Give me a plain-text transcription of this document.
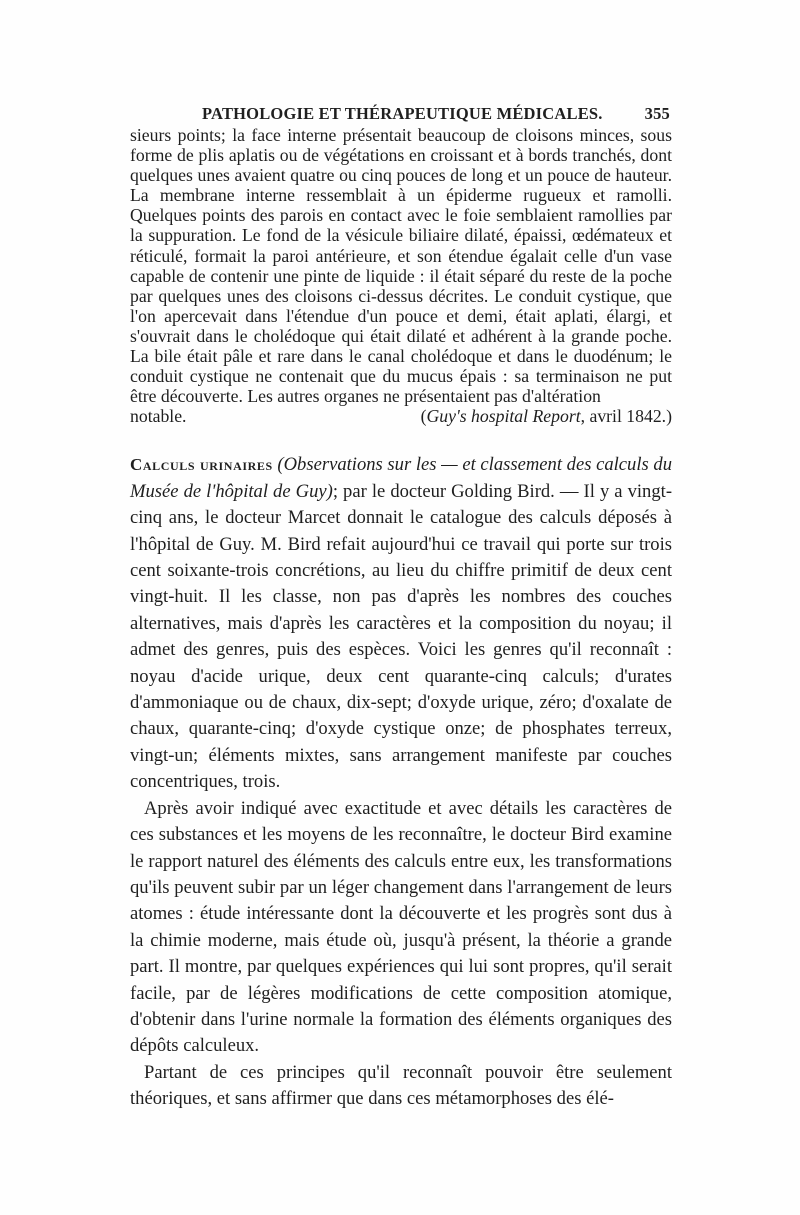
PATHOLOGIE ET THÉRAPEUTIQUE MÉDICALES.	355

sieurs points; la face interne présentait beaucoup de cloisons minces, sous forme de plis aplatis ou de végétations en croissant et à bords tranchés, dont quelques unes avaient quatre ou cinq pouces de long et un pouce de hauteur. La membrane interne ressemblait à un épiderme rugueux et ramolli. Quelques points des parois en contact avec le foie semblaient ramollies par la suppuration. Le fond de la vésicule biliaire dilaté, épaissi, œdémateux et réticulé, formait la paroi antérieure, et son étendue égalait celle d'un vase capable de contenir une pinte de liquide : il était séparé du reste de la poche par quelques unes des cloisons ci-dessus décrites. Le conduit cystique, que l'on apercevait dans l'étendue d'un pouce et demi, était aplati, élargi, et s'ouvrait dans le cholédoque qui était dilaté et adhérent à la grande poche. La bile était pâle et rare dans le canal cholédoque et dans le duodénum; le conduit cystique ne contenait que du mucus épais : sa terminaison ne put être découverte. Les autres organes ne présentaient pas d'altération

notable.	(Guy's hospital Report, avril 1842.)

Calculs urinaires (Observations sur les — et classement des calculs du Musée de l'hôpital de Guy); par le docteur Golding Bird. — Il y a vingt-cinq ans, le docteur Marcet donnait le catalogue des calculs déposés à l'hôpital de Guy. M. Bird refait aujourd'hui ce travail qui porte sur trois cent soixante-trois concrétions, au lieu du chiffre primitif de deux cent vingt-huit. Il les classe, non pas d'après les nombres des couches alternatives, mais d'après les caractères et la composition du noyau; il admet des genres, puis des espèces. Voici les genres qu'il reconnaît : noyau d'acide urique, deux cent quarante-cinq calculs; d'urates d'ammoniaque ou de chaux, dix-sept; d'oxyde urique, zéro; d'oxalate de chaux, quarante-cinq; d'oxyde cystique onze; de phosphates terreux, vingt-un; éléments mixtes, sans arrangement manifeste par couches concentriques, trois.

Après avoir indiqué avec exactitude et avec détails les caractères de ces substances et les moyens de les reconnaître, le docteur Bird examine le rapport naturel des éléments des calculs entre eux, les transformations qu'ils peuvent subir par un léger changement dans l'arrangement de leurs atomes : étude intéressante dont la découverte et les progrès sont dus à la chimie moderne, mais étude où, jusqu'à présent, la théorie a grande part. Il montre, par quelques expériences qui lui sont propres, qu'il serait facile, par de légères modifications de cette composition atomique, d'obtenir dans l'urine normale la formation des éléments organiques des dépôts calculeux.

Partant de ces principes qu'il reconnaît pouvoir être seulement théoriques, et sans affirmer que dans ces métamorphoses des élé-
